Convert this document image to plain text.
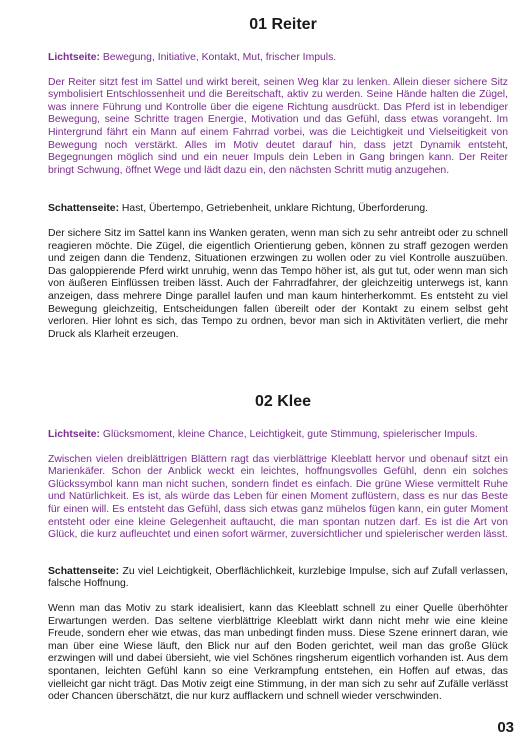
01 Reiter

Lichtseite: Bewegung, Initiative, Kontakt, Mut, frischer Impuls.

Der Reiter sitzt fest im Sattel und wirkt bereit, seinen Weg klar zu lenken. Allein dieser sichere Sitz symbolisiert Entschlossenheit und die Bereitschaft, aktiv zu werden. Seine Hände halten die Zügel, was innere Führung und Kontrolle über die eigene Richtung ausdrückt. Das Pferd ist in lebendiger Bewegung, seine Schritte tragen Energie, Motivation und das Gefühl, dass etwas vorangeht. Im Hintergrund fährt ein Mann auf einem Fahrrad vorbei, was die Leichtigkeit und Vielseitigkeit von Bewegung noch verstärkt. Alles im Motiv deutet darauf hin, dass jetzt Dynamik entsteht, Begegnungen möglich sind und ein neuer Impuls dein Leben in Gang bringen kann. Der Reiter bringt Schwung, öffnet Wege und lädt dazu ein, den nächsten Schritt mutig anzugehen.

Schattenseite: Hast, Übertempo, Getriebenheit, unklare Richtung, Überforderung.

Der sichere Sitz im Sattel kann ins Wanken geraten, wenn man sich zu sehr antreibt oder zu schnell reagieren möchte. Die Zügel, die eigentlich Orientierung geben, können zu straff gezogen werden und zeigen dann die Tendenz, Situationen erzwingen zu wollen oder zu viel Kontrolle auszuüben. Das galoppierende Pferd wirkt unruhig, wenn das Tempo höher ist, als gut tut, oder wenn man sich von äußeren Einflüssen treiben lässt. Auch der Fahrradfahrer, der gleichzeitig unterwegs ist, kann anzeigen, dass mehrere Dinge parallel laufen und man kaum hinterherkommt. Es entsteht zu viel Bewegung gleichzeitig, Entscheidungen fallen übereilt oder der Kontakt zu einem selbst geht verloren. Hier lohnt es sich, das Tempo zu ordnen, bevor man sich in Aktivitäten verliert, die mehr Druck als Klarheit erzeugen.

02 Klee

Lichtseite: Glücksmoment, kleine Chance, Leichtigkeit, gute Stimmung, spielerischer Impuls.

Zwischen vielen dreiblättrigen Blättern ragt das vierblättrige Kleeblatt hervor und obenauf sitzt ein Marienkäfer. Schon der Anblick weckt ein leichtes, hoffnungsvolles Gefühl, denn ein solches Glückssymbol kann man nicht suchen, sondern findet es einfach. Die grüne Wiese vermittelt Ruhe und Natürlichkeit. Es ist, als würde das Leben für einen Moment zuflüstern, dass es nur das Beste für einen will. Es entsteht das Gefühl, dass sich etwas ganz mühelos fügen kann, ein guter Moment entsteht oder eine kleine Gelegenheit auftaucht, die man spontan nutzen darf. Es ist die Art von Glück, die kurz aufleuchtet und einen sofort wärmer, zuversichtlicher und spielerischer werden lässt.

Schattenseite: Zu viel Leichtigkeit, Oberflächlichkeit, kurzlebige Impulse, sich auf Zufall verlassen, falsche Hoffnung.

Wenn man das Motiv zu stark idealisiert, kann das Kleeblatt schnell zu einer Quelle überhöhter Erwartungen werden. Das seltene vierblättrige Kleeblatt wirkt dann nicht mehr wie eine kleine Freude, sondern eher wie etwas, das man unbedingt finden muss. Diese Szene erinnert daran, wie man über eine Wiese läuft, den Blick nur auf den Boden gerichtet, weil man das große Glück erzwingen will und dabei übersieht, wie viel Schönes ringsherum eigentlich vorhanden ist. Aus dem spontanen, leichten Gefühl kann so eine Verkrampfung entstehen, ein Hoffen auf etwas, das vielleicht gar nicht trägt. Das Motiv zeigt eine Stimmung, in der man sich zu sehr auf Zufälle verlässt oder Chancen überschätzt, die nur kurz aufflackern und schnell wieder verschwinden.

03
